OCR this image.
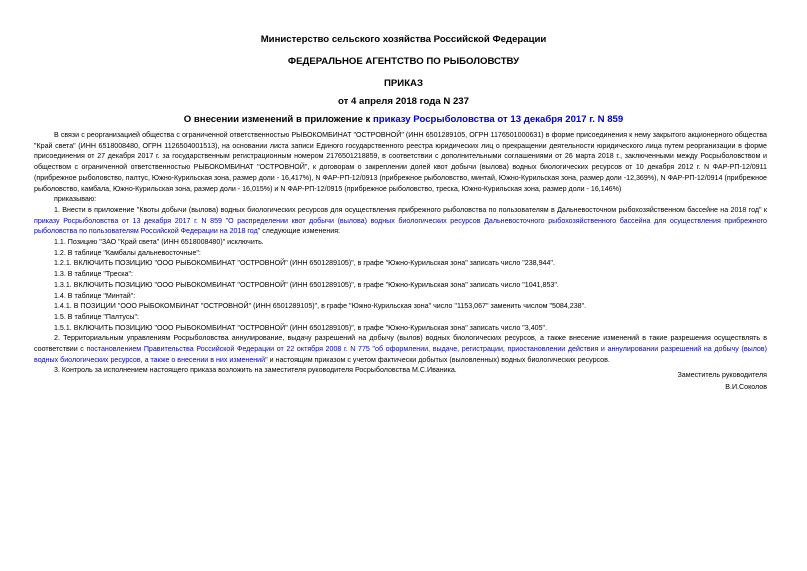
Министерство сельского хозяйства Российской Федерации
ФЕДЕРАЛЬНОЕ АГЕНТСТВО ПО РЫБОЛОВСТВУ
ПРИКАЗ
от 4 апреля 2018 года N 237
О внесении изменений в приложение к приказу Росрыболовства от 13 декабря 2017 г. N 859

В связи с реорганизацией общества с ограниченной ответственностью РЫБОКОМБИНАТ "ОСТРОВНОЙ" (ИНН 6501289105, ОГРН 1176501000631) в форме присоединения к нему закрытого акционерного общества "Край света" (ИНН 6518008480, ОГРН 1126504001513), на основании листа записи Единого государственного реестра юридических лиц о прекращении деятельности юридического лица путем реорганизации в форме присоединения от 27 декабря 2017 г. за государственным регистрационным номером 2176501218859, в соответствии с дополнительными соглашениями от 26 марта 2018 г., заключенными между Росрыболовством и обществом с ограниченной ответственностью РЫБОКОМБИНАТ "ОСТРОВНОЙ", к договорам о закреплении долей квот добычи (вылова) водных биологических ресурсов от 10 декабря 2012 г. N ФАР-РП-12/0911 (прибрежное рыболовство, палтус, Южно-Курильская зона, размер доли - 16,417%), N ФАР-РП-12/0913 (прибрежное рыболовство, минтай, Южно-Курильская зона, размер доли -12,369%), N ФАР-РП-12/0914 (прибрежное рыболовство, камбала, Южно-Курильская зона, размер доли - 16,015%) и N ФАР-РП-12/0915 (прибрежное рыболовство, треска, Южно-Курильская зона, размер доли - 16,146%)

приказываю:

1. Внести в приложение "Квоты добычи (вылова) водных биологических ресурсов для осуществления прибрежного рыболовства по пользователям в Дальневосточном рыбохозяйственном бассейне на 2018 год" к приказу Росрыболовства от 13 декабря 2017 г. N 859 "О распределении квот добычи (вылова) водных биологических ресурсов Дальневосточного рыбохозяйственного бассейна для осуществления прибрежного рыболовства по пользователям Российской Федерации на 2018 год" следующие изменения:

1.1. Позицию "ЗАО "Край света" (ИНН 6518008480)" исключить.

1.2. В таблице "Камбалы дальневосточные":

1.2.1. ВКЛЮЧИТЬ ПОЗИЦИЮ "ООО РЫБОКОМБИНАТ "ОСТРОВНОЙ" (ИНН 6501289105)", в графе "Южно-Курильская зона" записать число "238,944".

1.3. В таблице "Треска":

1.3.1. ВКЛЮЧИТЬ ПОЗИЦИЮ "ООО РЫБОКОМБИНАТ "ОСТРОВНОЙ" (ИНН 6501289105)", в графе "Южно-Курильская зона" записать число "1041,853".

1.4. В таблице "Минтай":

1.4.1. В ПОЗИЦИИ "ООО РЫБОКОМБИНАТ "ОСТРОВНОЙ" (ИНН 6501289105)", в графе "Южно-Курильская зона" число "1153,067" заменить числом "5084,238".

1.5. В таблице "Палтусы":

1.5.1. ВКЛЮЧИТЬ ПОЗИЦИЮ "ООО РЫБОКОМБИНАТ "ОСТРОВНОЙ" (ИНН 6501289105)", в графе "Южно-Курильская зона" записать число "3,405".

2. Территориальным управлениям Росрыболовства аннулирование, выдачу разрешений на добычу (вылов) водных биологических ресурсов, а также внесение изменений в такие разрешения осуществлять в соответствии с постановлением Правительства Российской Федерации от 22 октября 2008 г. N 775 "об оформлении, выдаче, регистрации, приостановлении действия и аннулировании разрешений на добычу (вылов) водных биологических ресурсов, а также о внесении в них изменений" и настоящим приказом с учетом фактически добытых (выловленных) водных биологических ресурсов.

3. Контроль за исполнением настоящего приказа возложить на заместителя руководителя Росрыболовства М.С.Иваника.

Заместитель руководителя
В.И.Соколов
